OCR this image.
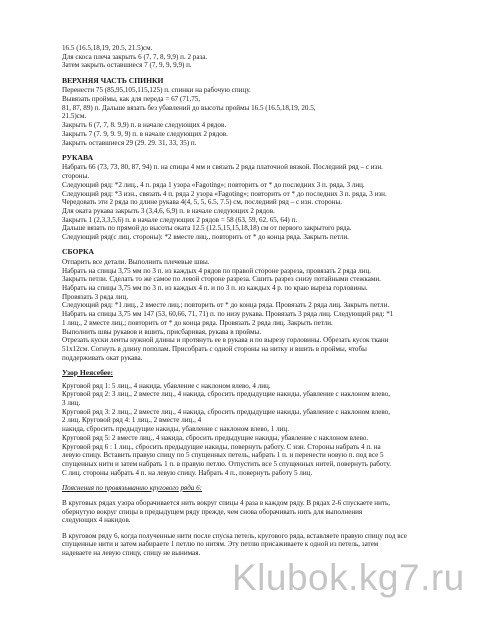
16.5 (16.5,18,19, 20.5, 21.5)см.
Для скоса плеча закрыть 6 (7, 7, 8, 9,9) п. 2 раза.
Затем закрыть оставшиеся 7 (7, 9, 9, 9,9) п.
ВЕРХНЯЯ ЧАСТЬ СПИНКИ
Перенести 75 (85,95,105,115,125) п. спинки на рабочую спицу.
Вывязать проймы, как для переда = 67 (71,75,
81, 87, 89) п. Дальше вязать без убавлений до высоты проймы 16.5 (16.5,18,19, 20.5,
21.5)см.
Закрыть 6 (7, 7, 8. 9,9) п. в начале следующих 4 рядов.
Закрыть 7 (7. 9, 9. 9, 9) п. в начале следующих 2 рядов.
Закрыть оставшиеся 29 (29. 29. 31, 33, 35) п.
РУКАВА
Набрать 66 (73, 73, 80, 87, 94) п. на спицы 4 мм и связать 2 ряда платочной вязкой. Последний ряд – с изн.
стороны.
Следующий ряд: *2 лиц., 4 п. ряда 1 узора «Fagoting»; повторить от * до последних 3 п. ряда, 3 лиц.
Следующий ряд: *3 изн., связать 4 п. ряда 2 узора «Fagoting»; повторить от * до последних 3 п. ряда, 3 изн.
Чередовать эти 2 ряда по длине рукава 4(4, 5, 5, 6.5, 7.5) см, последний ряд – с изн. стороны.
Для оката рукава закрыть 3 (3,4,6, 6,9) п. в начале следующих 2 рядов.
Закрыть 1 (2,3,3,5,6) п. в начале следующих 2 рядов = 58 (63, 59, 62, 65, 64) п.
Дальше вязать по прямой до высоты оката 12.5 (12.5,15,15,18,18) см от первого закрытого ряда.
Следующий ряд(с лиц. стороны): *2 вместе лиц., повторить от * до конца ряда. Закрыть петли.
СБОРКА
Отпарить все детали. Выполнить плечевые швы.
Набрать на спицы 3,75 мм по 3 п. из каждых 4 рядов по правой стороне разреза, провязать 2 ряда лиц.
Закрыть петли. Сделать то же самое по левой стороне разреза. Сшить разрез снизу потайными стежками.
Набрать на спицы 3,75 мм по 3 п. из каждых 4 п. и по 3 п. из каждых 4 р. по краю выреза горловины.
Провязать 3 ряда лиц.
Следующий ряд: *1 лиц., 2 вместе лиц.; повторить от * до конца ряда. Провязать 2 ряда лиц. Закрыть петли.
Набрать на спицы 3,75 мм 147 (53, 60,66, 71, 71) п. по низу рукава. Провязать 3 ряда лиц. Следующий ряд: *1
1 лиц., 2 вместе лиц.; повторить от * до конца ряда. Провязать 2 ряда лиц. Закрыть петли.
Выполнить швы рукавов и вшить, присбаривая, рукава в проймы.
Отрезать куски ленты нужной длины и протянуть ее в рукава и по вырезу горловины. Обрезать кусок ткани
51х12см. Согнуть в длину пополам. Присобрать с одной стороны на нитку и вшить в проймы, чтобы
поддерживать окат рукава.
Узор Неясебее:
Круговой ряд 1: 5 лиц., 4 накида, убавление с наклоном влево, 4 лиц.
Круговой ряд 2: 3 лиц., 2 вместе лиц., 4 накида, сбросить предыдущие накиды, убавление с наклоном влево,
3 лиц.
Круговой ряд 3: 2 лиц., 2 вместе лиц., 4 накида, сбросить предыдущие накиды, убавление с наклоном влево,
2 лиц. Круговой ряд 4: 1 лиц., 2 вместе лиц., 4
накида, сбросить предыдущие накиды, убавление с наклоном влево, 1 лиц.
Круговой ряд 5: 2 вместе лиц., 4 накида, сбросить предыдущие накиды, убавление с наклоном влево.
Круговой ряд 6 : 1 лиц., сбросить предыдущие накиды, повернуть работу. С изн. Стороны набрать 4 п. на
левую спицу. Вставить правую спицу по 5 спущенных петель, набрать 1 п. и перенести новую п. под все 5
спущенных нити и затем набрать 1 п. в правую петлю. Отпустить все 5 спущенных нитей, повернуть работу.
С лиц. стороны набрать 4 п. на левую спицу. Набрать 4 п., повернуть работу 5 лиц.
Пояснения по провязыванию кругового ряда 6:
В круговых рядах узора оборачивается нить вокруг спицы 4 раза в каждом ряду. В рядах 2-6 спускаете нить,
обернутую вокруг спицы в предыдущем ряду прежде, чем снова оборачивать нить для выполнения
следующих 4 накидов.
В круговом ряду 6, когда полученные нити после спуска петель, кругового ряда, вставляете правую спицу под все
спущенные нити и затем набираете 1 петлю по нитям. Эту петлю присаживаете к одной из петель, затем
надеваете на левую спицу, спицу не вынимая.
Klubok.kg7.ru
